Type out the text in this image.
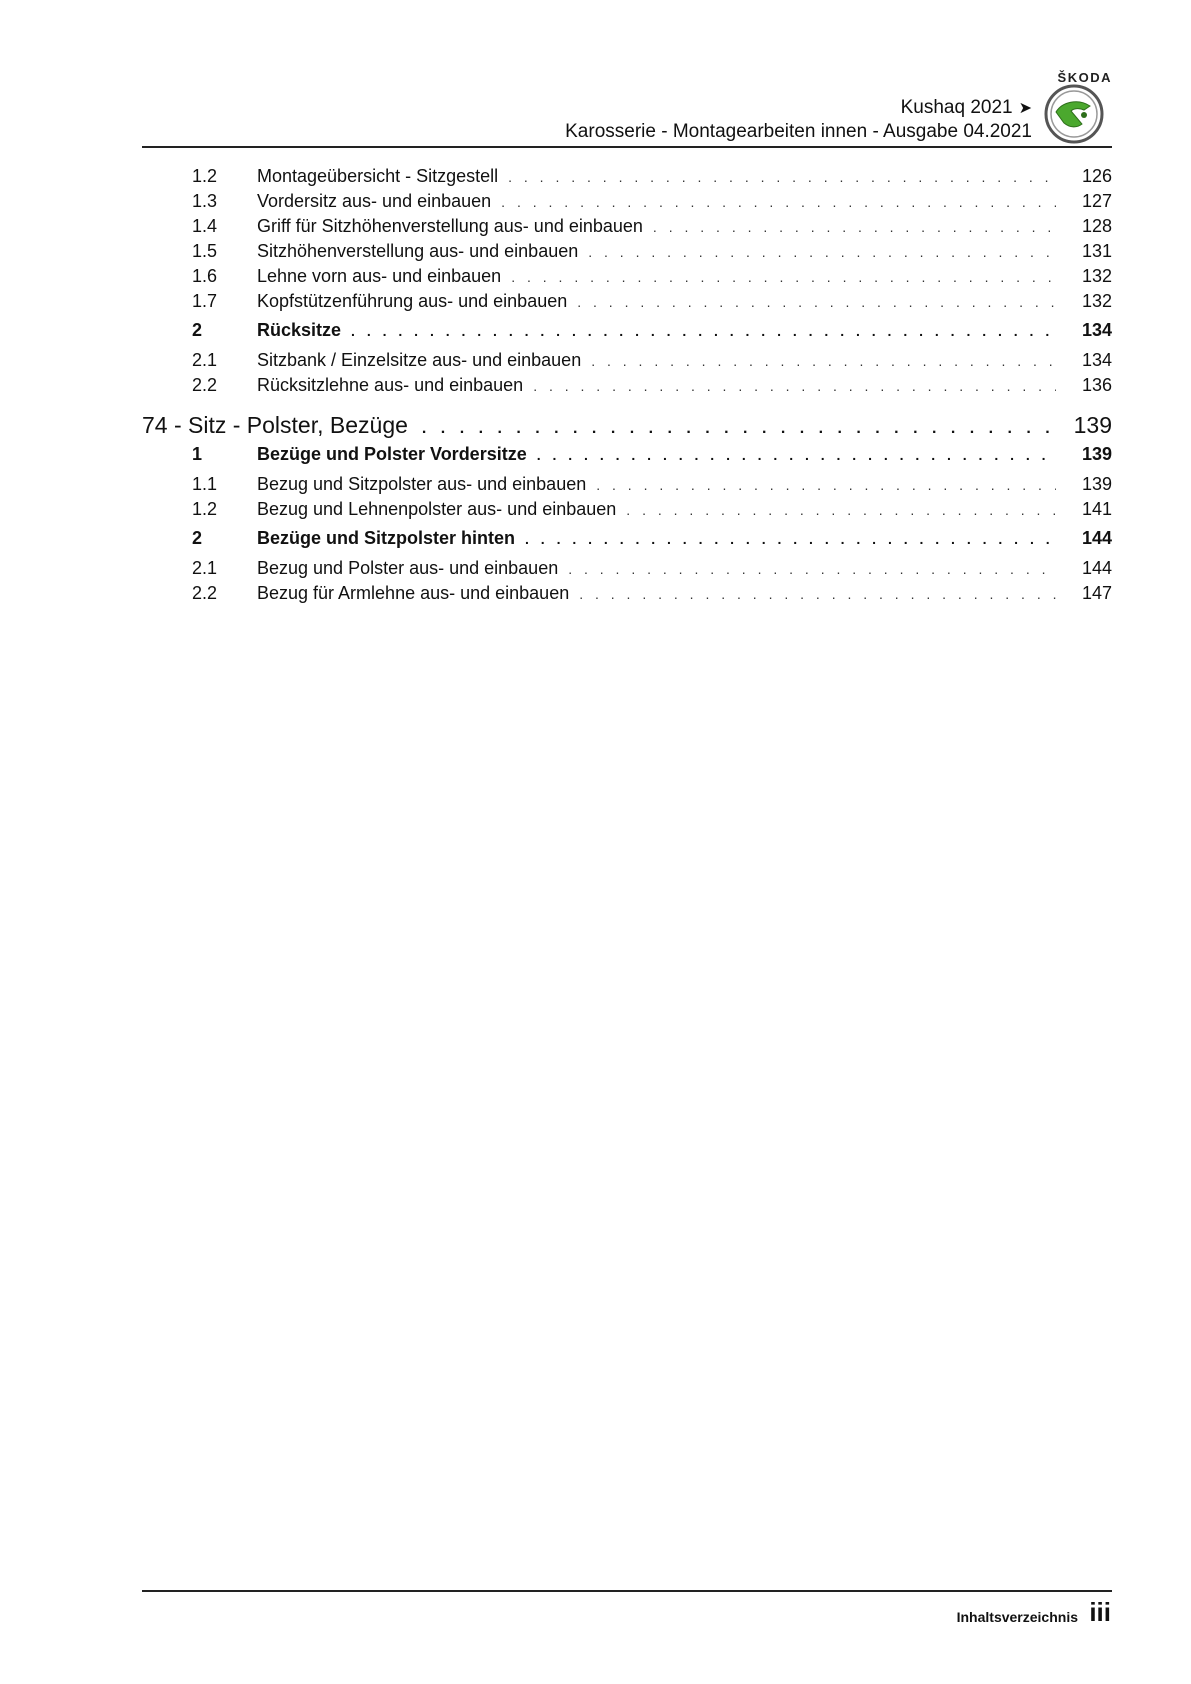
ŠKODA
Kushaq 2021 ➤
Karosserie - Montagearbeiten innen - Ausgabe 04.2021
1.2	Montageübersicht - Sitzgestell . . .	126
1.3	Vordersitz aus- und einbauen . . .	127
1.4	Griff für Sitzhöhenverstellung aus- und einbauen . . .	128
1.5	Sitzhöhenverstellung aus- und einbauen . . .	131
1.6	Lehne vorn aus- und einbauen . . .	132
1.7	Kopfstützenführung aus- und einbauen . . .	132
2	Rücksitze . . .	134
2.1	Sitzbank / Einzelsitze aus- und einbauen . . .	134
2.2	Rücksitzlehne aus- und einbauen . . .	136
74 - Sitz - Polster, Bezüge . . .	139
1	Bezüge und Polster Vordersitze . . .	139
1.1	Bezug und Sitzpolster aus- und einbauen . . .	139
1.2	Bezug und Lehnenpolster aus- und einbauen . . .	141
2	Bezüge und Sitzpolster hinten . . .	144
2.1	Bezug und Polster aus- und einbauen . . .	144
2.2	Bezug für Armlehne aus- und einbauen . . .	147
Inhaltsverzeichnis iii
